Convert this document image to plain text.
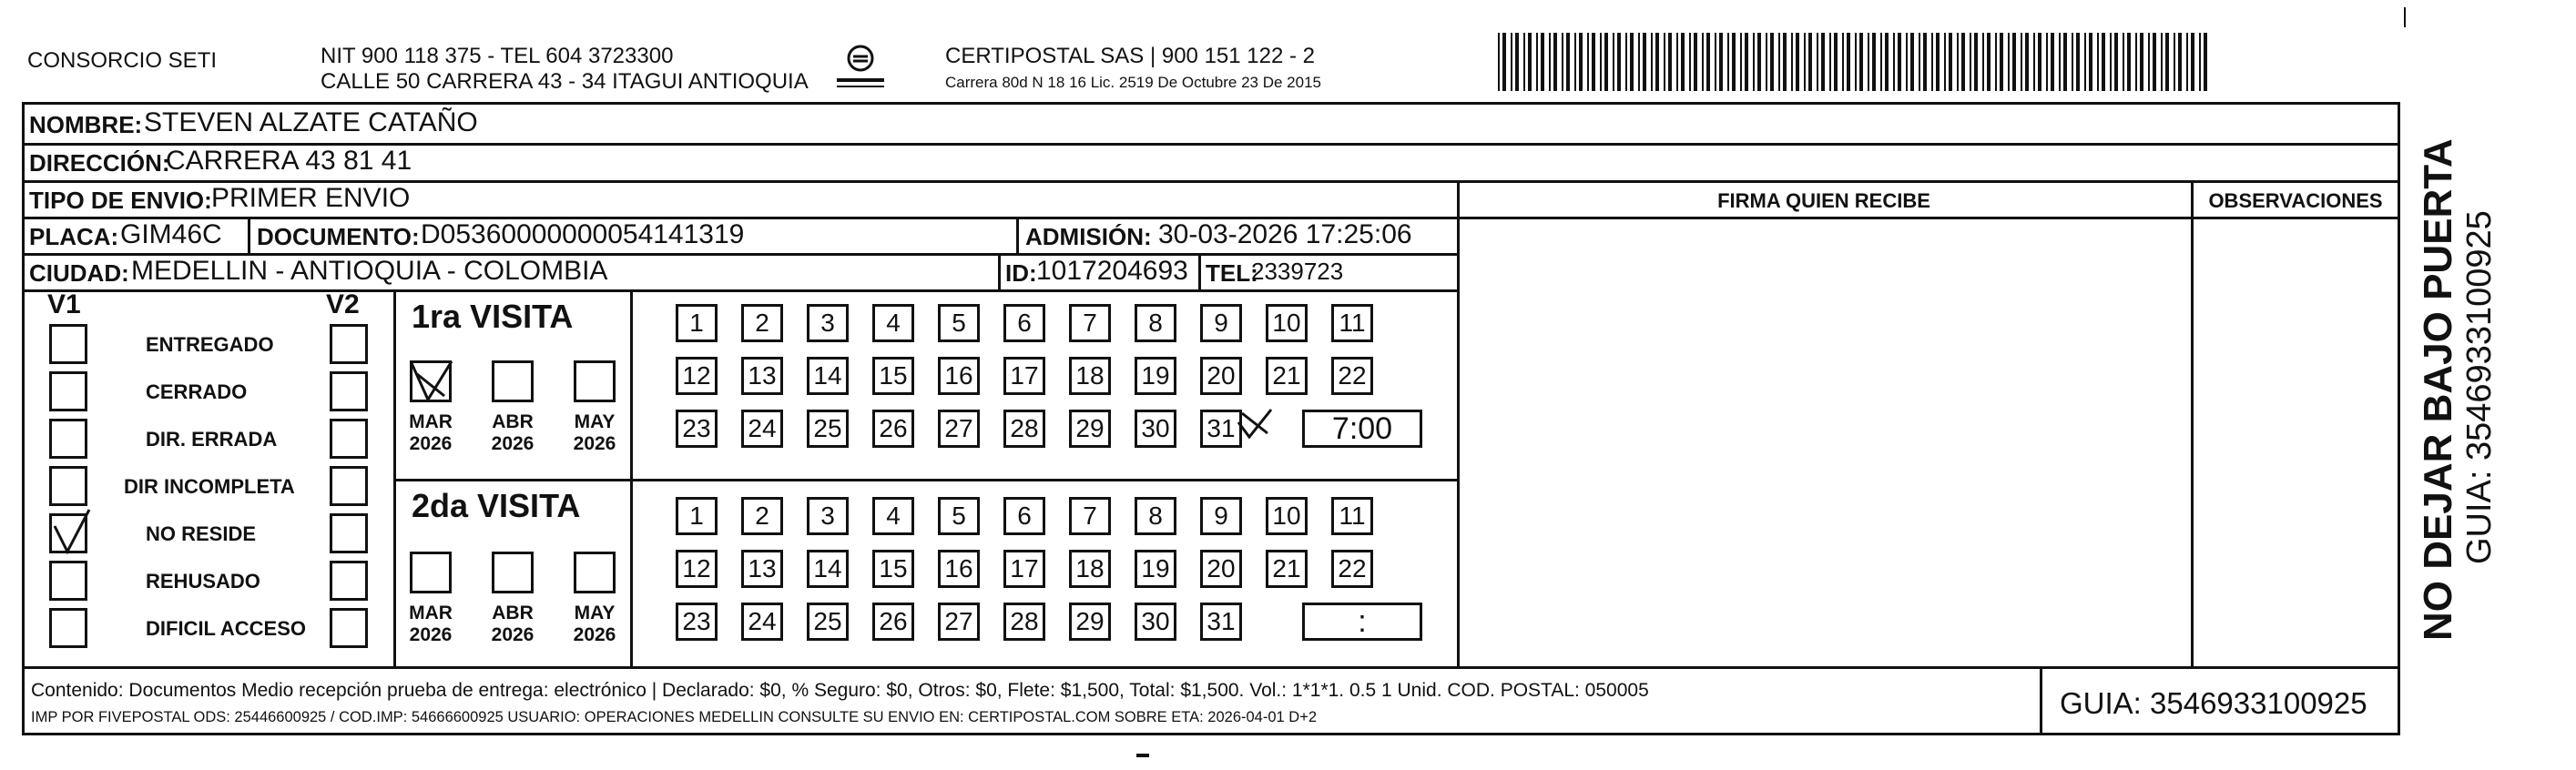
CONSORCIO SETI	NIT 900 118 375 - TEL 604 3723300
CALLE 50 CARRERA 43 - 34 ITAGUI ANTIOQUIA
CERTIPOSTAL SAS | 900 151 122 - 2
Carrera 80d N 18 16 Lic. 2519 De Octubre 23 De 2015
NOMBRE: STEVEN ALZATE CATAÑO
DIRECCIÓN:
CARRERA 43 81 41
TIPO DE ENVIO: PRIMER ENVIO
PLACA: GIM46C DOCUMENTO: D05360000000054141319	ADMISIÓN: 30-03-2026 17:25:06
CIUDAD: MEDELLIN - ANTIOQUIA - COLOMBIA	ID: 1017204693 TEL:
2339723
FIRMA QUIEN RECIBE	OBSERVACIONES
V1	V2
ENTREGADO
CERRADO
DIR. ERRADA
DIR INCOMPLETA
NO RESIDE
REHUSADO
DIFICIL ACCESO
1ra VISITA
MAR
2026
ABR
2026
MAY
2026
1	2	3	4	5	6	7	8	9	10	11
12 13 14 15 16 17 18 19 20 21 22
23 24 25 26 27 28 29 30 31	7:00
2da VISITA
MAR
2026
ABR
2026
MAY
2026
1	2	3	4	5	6	7	8	9	10	11
12 13 14 15 16 17 18 19 20 21 22
23 24 25 26 27 28 29 30 31	:
Contenido: Documentos Medio recepción prueba de entrega: electrónico | Declarado: $0, % Seguro: $0, Otros: $0, Flete: $1,500, Total: $1,500. Vol.: 1*1*1. 0.5 1 Unid. COD. POSTAL: 050005
IMP POR FIVEPOSTAL ODS: 25446600925 / COD.IMP: 54666600925 USUARIO: OPERACIONES MEDELLIN CONSULTE SU ENVIO EN: CERTIPOSTAL.COM SOBRE ETA: 2026-04-01 D+2	GUIA: 3546933100925
NO DEJAR BAJO PUERTA GUIA: 3546933100925
